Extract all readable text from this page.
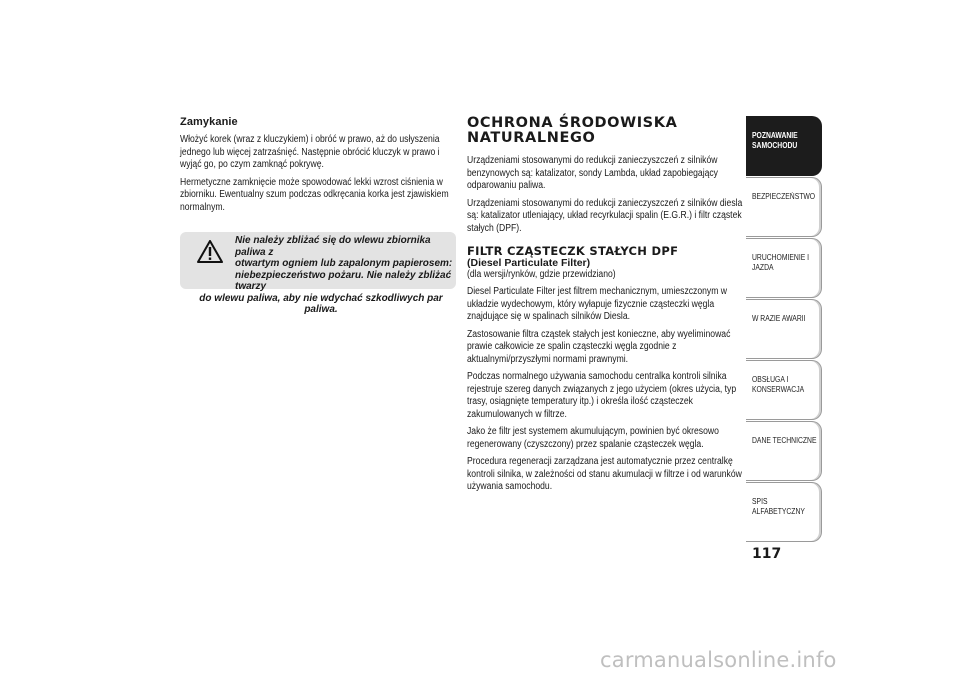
Zamykanie

Włożyć korek (wraz z kluczykiem) i obróć w prawo, aż do usłyszenia jednego lub więcej zatrzaśnięć. Następnie obrócić kluczyk w prawo i wyjąć go, po czym zamknąć pokrywę.

Hermetyczne zamknięcie może spowodować lekki wzrost ciśnienia w zbiorniku. Ewentualny szum podczas odkręcania korka jest zjawiskiem normalnym.

Nie należy zbliżać się do wlewu zbiornika paliwa z
otwartym ogniem lub zapalonym papierosem:
niebezpieczeństwo pożaru. Nie należy zbliżać twarzy
do wlewu paliwa, aby nie wdychać szkodliwych par paliwa.
OCHRONA ŚRODOWISKA
NATURALNEGO

Urządzeniami stosowanymi do redukcji zanieczyszczeń z silników benzynowych są: katalizator, sondy Lambda, układ zapobiegający odparowaniu paliwa.

Urządzeniami stosowanymi do redukcji zanieczyszczeń z silników diesla są: katalizator utleniający, układ recyrkulacji spalin (E.G.R.) i filtr cząstek stałych (DPF).

FILTR CZĄSTECZK STAŁYCH DPF
(Diesel Particulate Filter)

(dla wersji/rynków, gdzie przewidziano)

Diesel Particulate Filter jest filtrem mechanicznym, umieszczonym w układzie wydechowym, który wyłapuje fizycznie cząsteczki węgla znajdujące się w spalinach silników Diesla.

Zastosowanie filtra cząstek stałych jest konieczne, aby wyeliminować prawie całkowicie ze spalin cząsteczki węgla zgodnie z aktualnymi/przyszłymi normami prawnymi.

Podczas normalnego używania samochodu centralka kontroli silnika rejestruje szereg danych związanych z jego użyciem (okres użycia, typ trasy, osiągnięte temperatury itp.) i określa ilość cząsteczek zakumulowanych w filtrze.

Jako że filtr jest systemem akumulującym, powinien być okresowo regenerowany (czyszczony) przez spalanie cząsteczek węgla.

Procedura regeneracji zarządzana jest automatycznie przez centralkę kontroli silnika, w zależności od stanu akumulacji w filtrze i od warunków używania samochodu.

POZNAWANIE SAMOCHODU
BEZPIECZEŃSTWO
URUCHOMIENIE I JAZDA
W RAZIE AWARII
OBSŁUGA I KONSERWACJA
DANE TECHNICZNE
SPIS ALFABETYCZNY
117
carmanualsonline.info
